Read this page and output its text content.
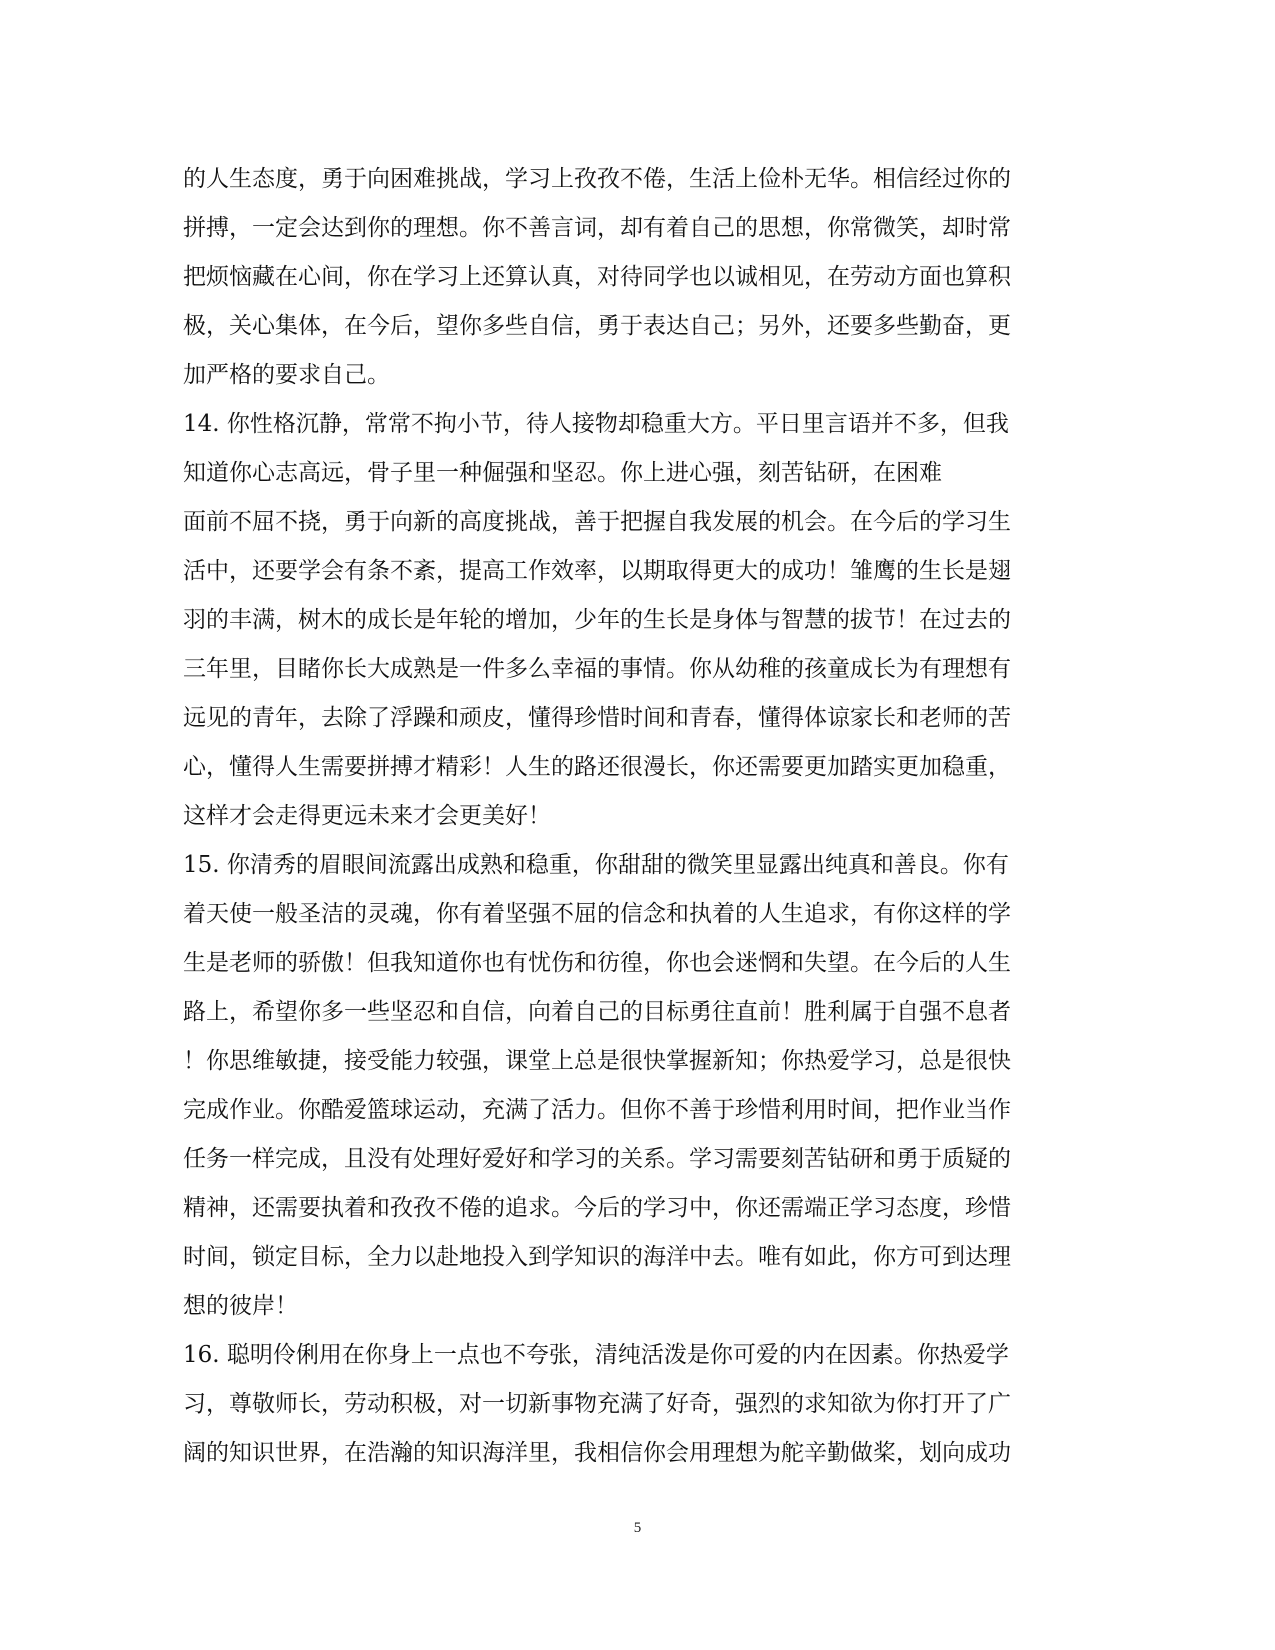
的人生态度，勇于向困难挑战，学习上孜孜不倦，生活上俭朴无华。相信经过你的
拼搏，一定会达到你的理想。你不善言词，却有着自己的思想，你常微笑，却时常
把烦恼藏在心间，你在学习上还算认真，对待同学也以诚相见，在劳动方面也算积
极，关心集体，在今后，望你多些自信，勇于表达自己；另外，还要多些勤奋，更
加严格的要求自己。
14. 你性格沉静，常常不拘小节，待人接物却稳重大方。平日里言语并不多，但我
知道你心志高远，骨子里一种倔强和坚忍。你上进心强，刻苦钻研，在困难
面前不屈不挠，勇于向新的高度挑战，善于把握自我发展的机会。在今后的学习生
活中，还要学会有条不紊，提高工作效率，以期取得更大的成功！雏鹰的生长是翅
羽的丰满，树木的成长是年轮的增加，少年的生长是身体与智慧的拔节！在过去的
三年里，目睹你长大成熟是一件多么幸福的事情。你从幼稚的孩童成长为有理想有
远见的青年，去除了浮躁和顽皮，懂得珍惜时间和青春，懂得体谅家长和老师的苦
心，懂得人生需要拼搏才精彩！人生的路还很漫长，你还需要更加踏实更加稳重，
这样才会走得更远未来才会更美好！
15. 你清秀的眉眼间流露出成熟和稳重，你甜甜的微笑里显露出纯真和善良。你有
着天使一般圣洁的灵魂，你有着坚强不屈的信念和执着的人生追求，有你这样的学
生是老师的骄傲！但我知道你也有忧伤和彷徨，你也会迷惘和失望。在今后的人生
路上，希望你多一些坚忍和自信，向着自己的目标勇往直前！胜利属于自强不息者
！你思维敏捷，接受能力较强，课堂上总是很快掌握新知；你热爱学习，总是很快
完成作业。你酷爱篮球运动，充满了活力。但你不善于珍惜利用时间，把作业当作
任务一样完成，且没有处理好爱好和学习的关系。学习需要刻苦钻研和勇于质疑的
精神，还需要执着和孜孜不倦的追求。今后的学习中，你还需端正学习态度，珍惜
时间，锁定目标，全力以赴地投入到学知识的海洋中去。唯有如此，你方可到达理
想的彼岸！
16. 聪明伶俐用在你身上一点也不夸张，清纯活泼是你可爱的内在因素。你热爱学
习，尊敬师长，劳动积极，对一切新事物充满了好奇，强烈的求知欲为你打开了广
阔的知识世界，在浩瀚的知识海洋里，我相信你会用理想为舵辛勤做桨，划向成功
5
